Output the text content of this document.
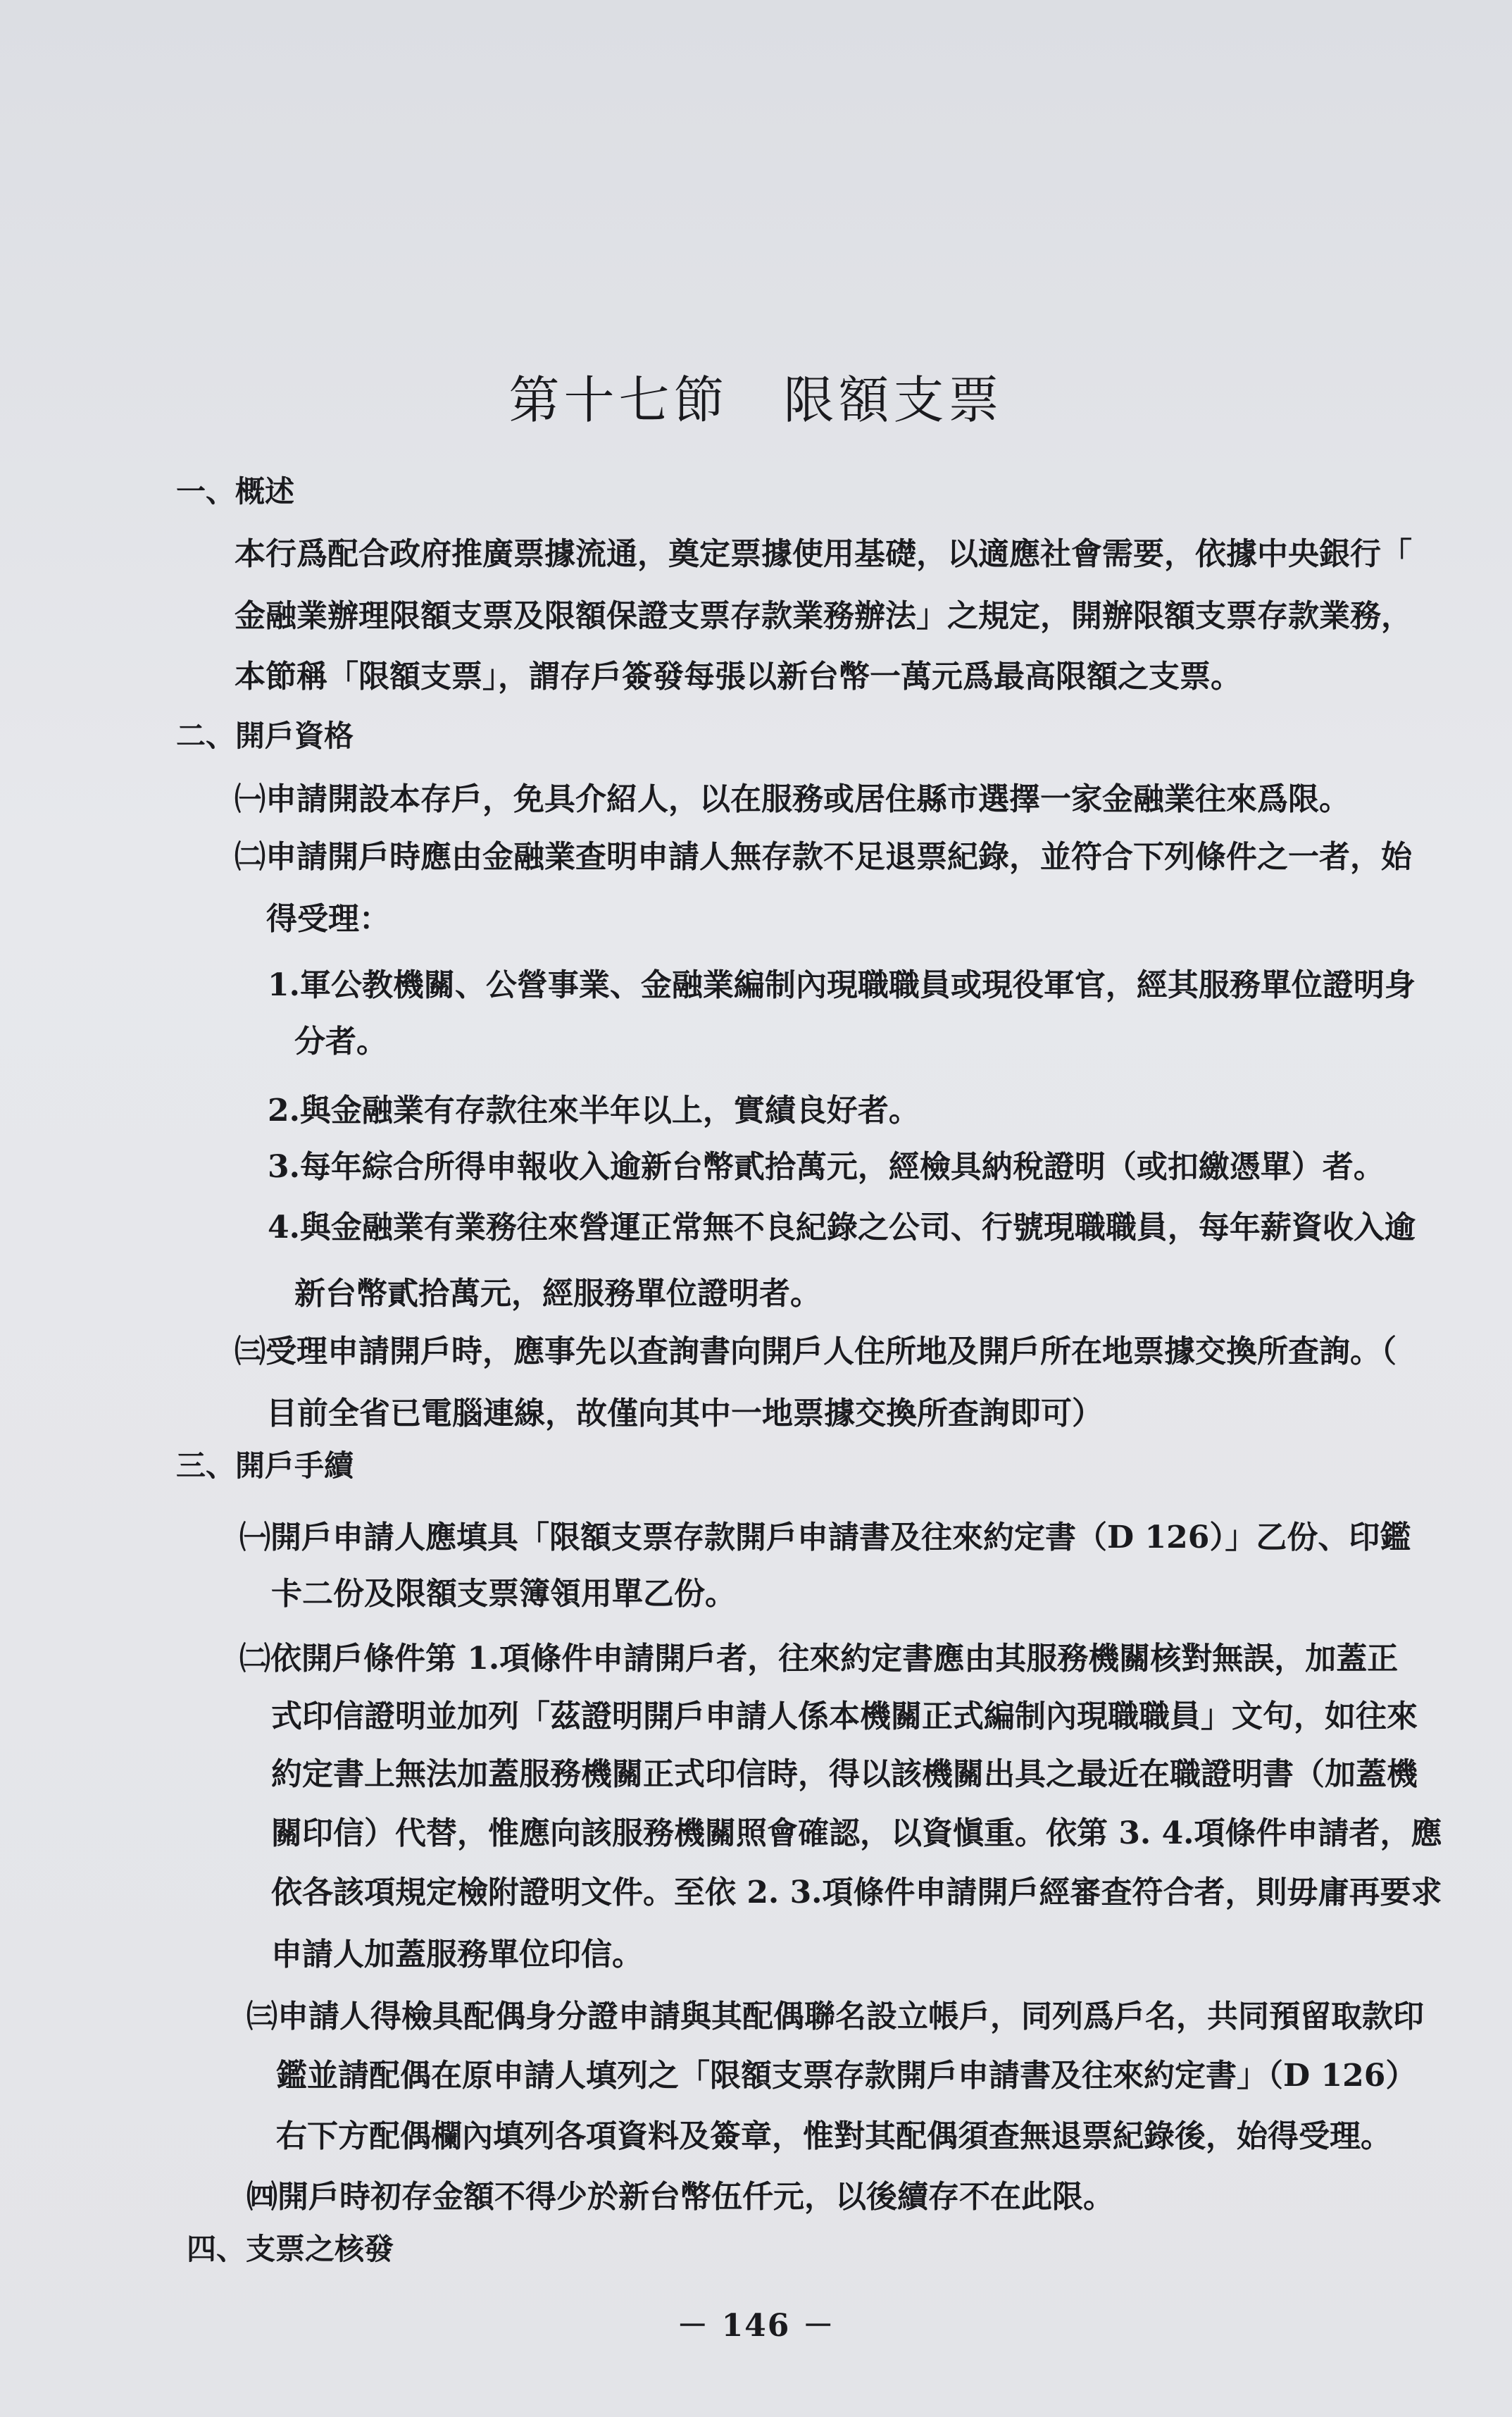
第十七節　限額支票
一、概述
本行爲配合政府推廣票據流通，奠定票據使用基礎，以適應社會需要，依據中央銀行「
金融業辦理限額支票及限額保證支票存款業務辦法」之規定，開辦限額支票存款業務，
本節稱「限額支票」，謂存戶簽發每張以新台幣一萬元爲最高限額之支票。
二、開戶資格
㈠申請開設本存戶，免具介紹人，以在服務或居住縣市選擇一家金融業往來爲限。
㈡申請開戶時應由金融業查明申請人無存款不足退票紀錄，並符合下列條件之一者，始
得受理：
1.軍公教機關、公營事業、金融業編制內現職職員或現役軍官，經其服務單位證明身
分者。
2.與金融業有存款往來半年以上，實績良好者。
3.每年綜合所得申報收入逾新台幣貳拾萬元，經檢具納稅證明（或扣繳憑單）者。
4.與金融業有業務往來營運正常無不良紀錄之公司、行號現職職員，每年薪資收入逾
新台幣貳拾萬元，經服務單位證明者。
㈢受理申請開戶時，應事先以查詢書向開戶人住所地及開戶所在地票據交換所查詢。（
目前全省已電腦連線，故僅向其中一地票據交換所查詢即可）
三、開戶手續
㈠開戶申請人應填具「限額支票存款開戶申請書及往來約定書（D 126）」乙份、印鑑
卡二份及限額支票簿領用單乙份。
㈡依開戶條件第 1.項條件申請開戶者，往來約定書應由其服務機關核對無誤，加蓋正
式印信證明並加列「茲證明開戶申請人係本機關正式編制內現職職員」文句，如往來
約定書上無法加蓋服務機關正式印信時，得以該機關出具之最近在職證明書（加蓋機
關印信）代替，惟應向該服務機關照會確認，以資愼重。依第 3. 4.項條件申請者，應
依各該項規定檢附證明文件。至依 2. 3.項條件申請開戶經審查符合者，則毋庸再要求
申請人加蓋服務單位印信。
㈢申請人得檢具配偶身分證申請與其配偶聯名設立帳戶，同列爲戶名，共同預留取款印
鑑並請配偶在原申請人填列之「限額支票存款開戶申請書及往來約定書」（D 126）
右下方配偶欄內填列各項資料及簽章，惟對其配偶須查無退票紀錄後，始得受理。
㈣開戶時初存金額不得少於新台幣伍仟元，以後續存不在此限。
四、支票之核發
－ 146 －
